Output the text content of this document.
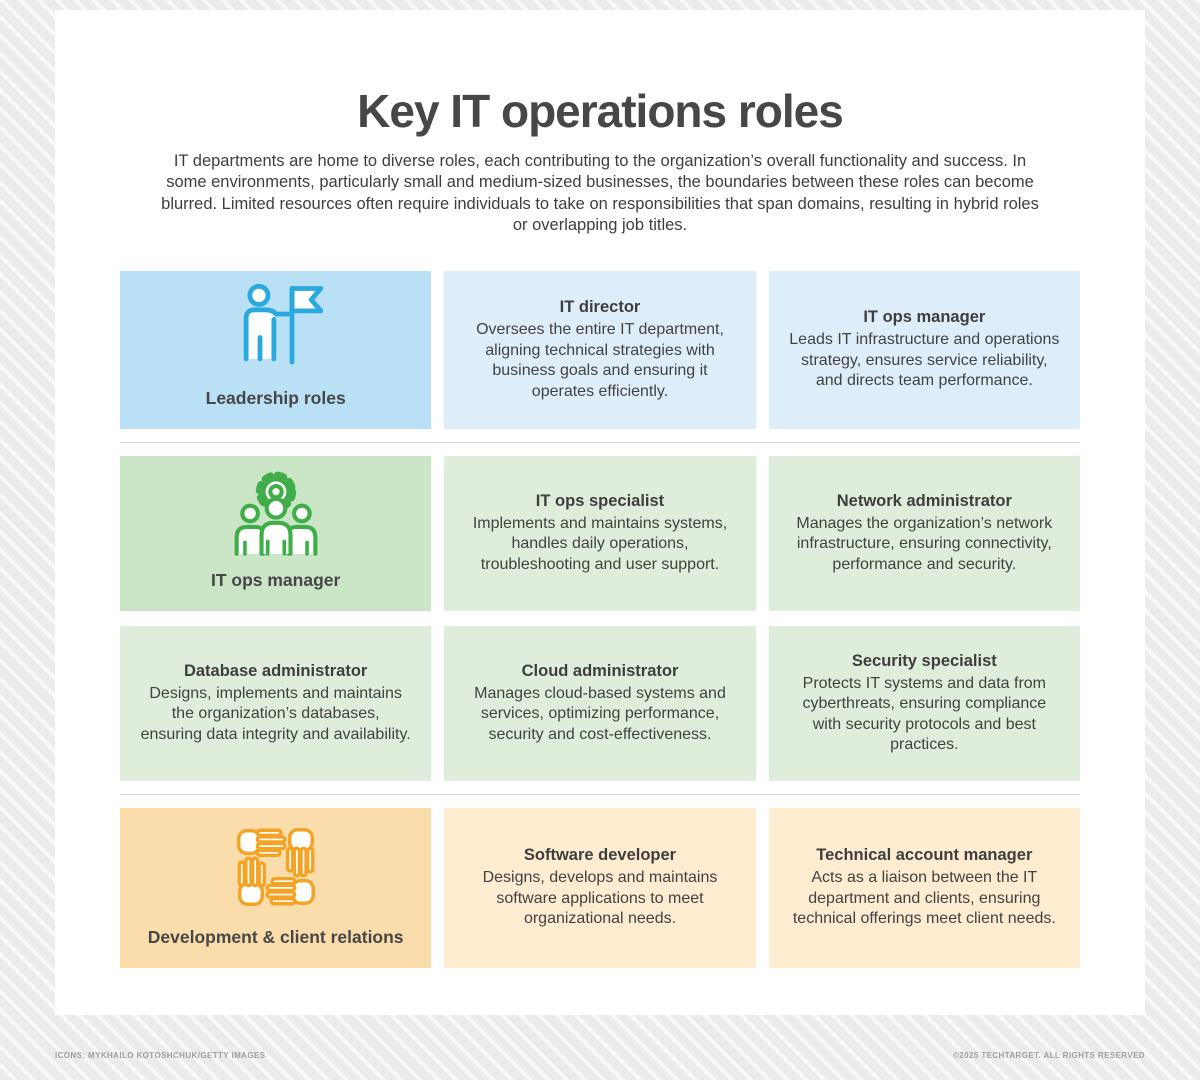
Key IT operations roles

IT departments are home to diverse roles, each contributing to the organization’s overall functionality and success. In some environments, particularly small and medium-sized businesses, the boundaries between these roles can become blurred. Limited resources often require individuals to take on responsibilities that span domains, resulting in hybrid roles or overlapping job titles.

Leadership roles
IT director

Oversees the entire IT department, aligning technical strategies with business goals and ensuring it operates efficiently.

IT ops manager

Leads IT infrastructure and operations strategy, ensures service reliability, and directs team performance.

IT ops manager
IT ops specialist

Implements and maintains systems, handles daily operations, troubleshooting and user support.

Network administrator

Manages the organization’s network infrastructure, ensuring connectivity, performance and security.

Database administrator

Designs, implements and maintains the organization’s databases, ensuring data integrity and availability.

Cloud administrator

Manages cloud-based systems and services, optimizing performance, security and cost-effectiveness.

Security specialist

Protects IT systems and data from cyberthreats, ensuring compliance with security protocols and best practices.

Development & client relations
Software developer

Designs, develops and maintains software applications to meet organizational needs.

Technical account manager

Acts as a liaison between the IT department and clients, ensuring technical offerings meet client needs.

ICONS: MYKHAILO KOTOSHCHUK/GETTY IMAGES	©2025 TECHTARGET. ALL RIGHTS RESERVED
